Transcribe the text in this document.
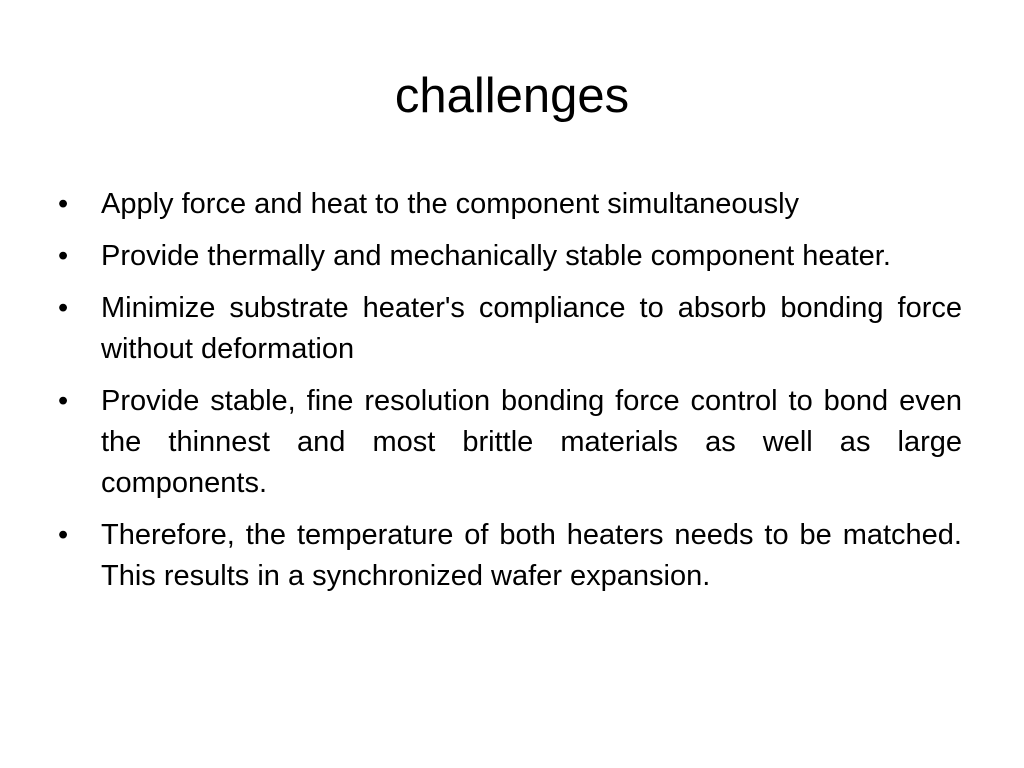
challenges
•	Apply force and heat to the component simultaneously
•	Provide thermally and mechanically stable component heater.
•	Minimize substrate heater's compliance to absorb bonding force without deformation
•	Provide stable, fine resolution bonding force control to bond even the thinnest and most brittle materials as well as large components.
•	Therefore, the temperature of both heaters needs to be matched. This results in a synchronized wafer expansion.
